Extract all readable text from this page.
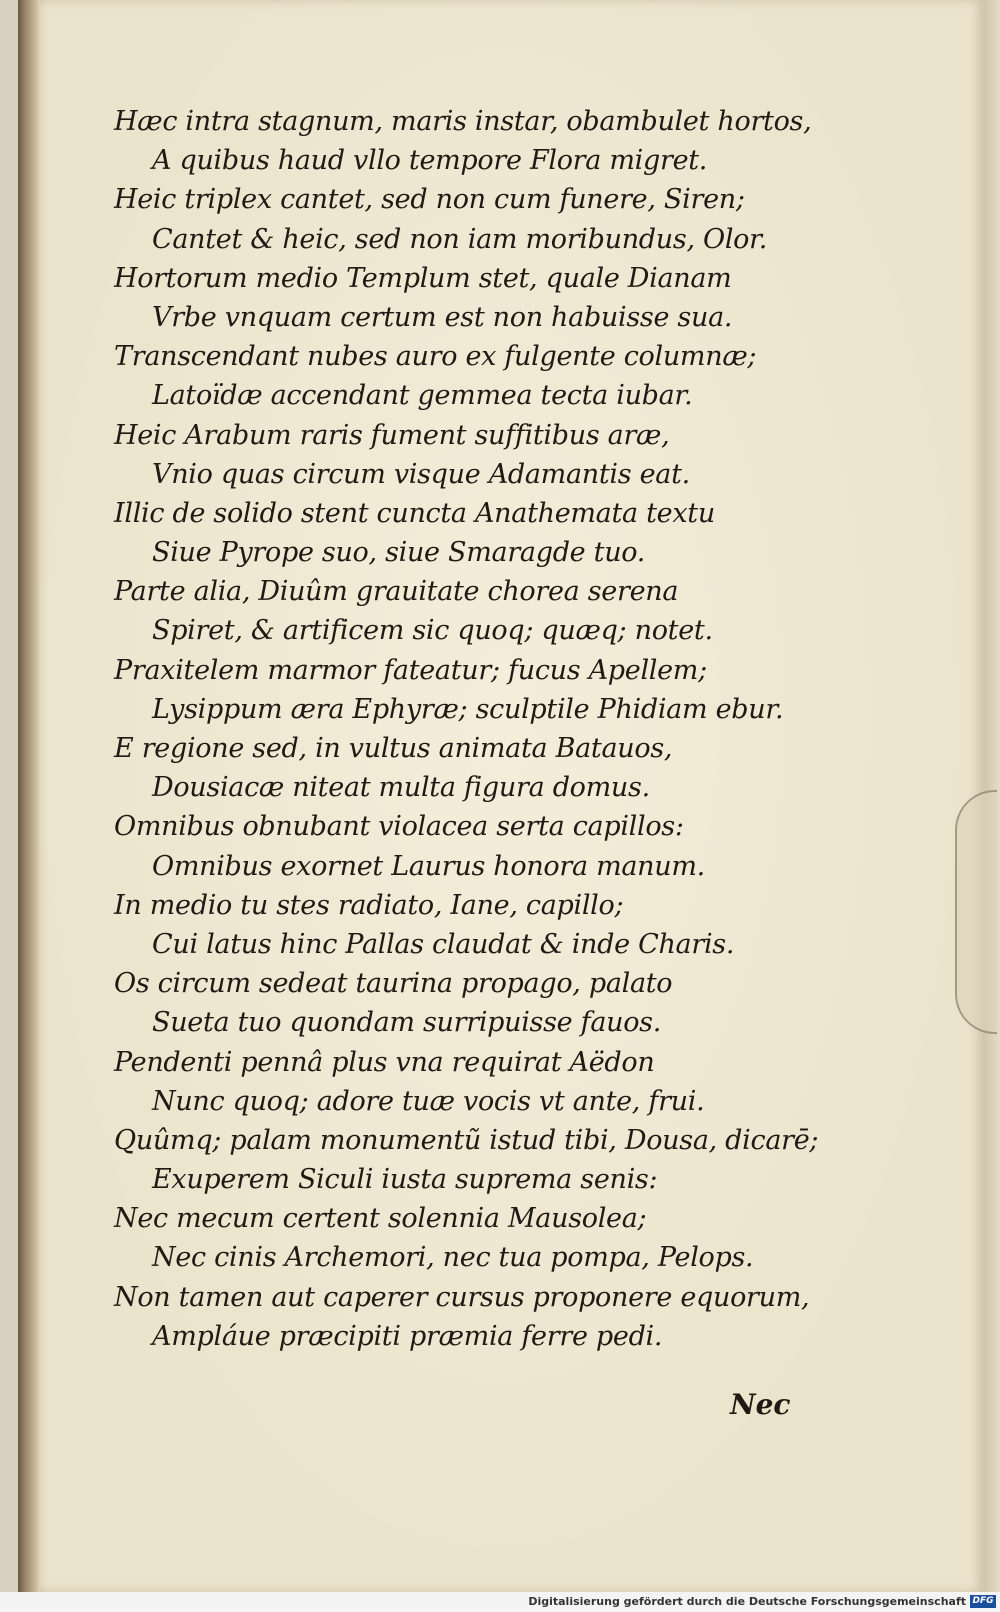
Hæc intra stagnum, maris instar, obambulet hortos,
A quibus haud vllo tempore Flora migret.
Heic triplex cantet, sed non cum funere, Siren;
Cantet & heic, sed non iam moribundus, Olor.
Hortorum medio Templum stet, quale Dianam
Vrbe vnquam certum est non habuisse sua.
Transcendant nubes auro ex fulgente columnæ;
Latoïdæ accendant gemmea tecta iubar.
Heic Arabum raris fument suffitibus aræ,
Vnio quas circum visque Adamantis eat.
Illic de solido stent cuncta Anathemata textu
Siue Pyrope suo, siue Smaragde tuo.
Parte alia, Diuûm grauitate chorea serena
Spiret, & artificem sic quoq; quæq; notet.
Praxitelem marmor fateatur; fucus Apellem;
Lysippum æra Ephyræ; sculptile Phidiam ebur.
E regione sed, in vultus animata Batauos,
Dousiacæ niteat multa figura domus.
Omnibus obnubant violacea serta capillos:
Omnibus exornet Laurus honora manum.
In medio tu stes radiato, Iane, capillo;
Cui latus hinc Pallas claudat & inde Charis.
Os circum sedeat taurina propago, palato
Sueta tuo quondam surripuisse fauos.
Pendenti pennâ plus vna requirat Aëdon
Nunc quoq; adore tuæ vocis vt ante, frui.
Quûmq; palam monumentũ istud tibi, Dousa, dicarē;
Exuperem Siculi iusta suprema senis:
Nec mecum certent solennia Mausolea;
Nec cinis Archemori, nec tua pompa, Pelops.
Non tamen aut caperer cursus proponere equorum,
Ampláue præcipiti præmia ferre pedi.
Nec
Digitalisierung gefördert durch die Deutsche Forschungsgemeinschaft DFG
